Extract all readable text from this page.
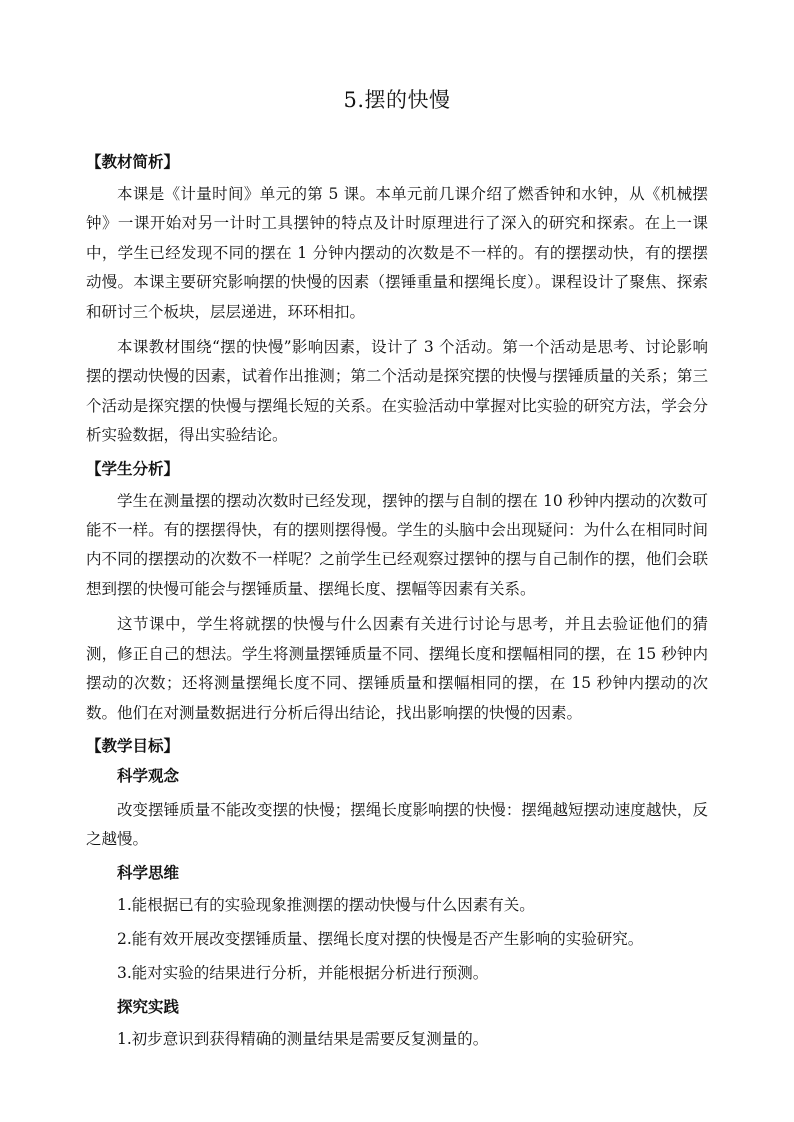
5.摆的快慢
【教材简析】

本课是《计量时间》单元的第 5 课。本单元前几课介绍了燃香钟和水钟，从《机械摆钟》一课开始对另一计时工具摆钟的特点及计时原理进行了深入的研究和探索。在上一课中，学生已经发现不同的摆在 1 分钟内摆动的次数是不一样的。有的摆摆动快，有的摆摆动慢。本课主要研究影响摆的快慢的因素（摆锤重量和摆绳长度）。课程设计了聚焦、探索和研讨三个板块，层层递进，环环相扣。

本课教材围绕“摆的快慢”影响因素，设计了 3 个活动。第一个活动是思考、讨论影响摆的摆动快慢的因素，试着作出推测；第二个活动是探究摆的快慢与摆锤质量的关系；第三个活动是探究摆的快慢与摆绳长短的关系。在实验活动中掌握对比实验的研究方法，学会分析实验数据，得出实验结论。

【学生分析】

学生在测量摆的摆动次数时已经发现，摆钟的摆与自制的摆在 10 秒钟内摆动的次数可能不一样。有的摆摆得快，有的摆则摆得慢。学生的头脑中会出现疑问：为什么在相同时间内不同的摆摆动的次数不一样呢？之前学生已经观察过摆钟的摆与自己制作的摆，他们会联想到摆的快慢可能会与摆锤质量、摆绳长度、摆幅等因素有关系。

这节课中，学生将就摆的快慢与什么因素有关进行讨论与思考，并且去验证他们的猜测，修正自己的想法。学生将测量摆锤质量不同、摆绳长度和摆幅相同的摆，在 15 秒钟内摆动的次数；还将测量摆绳长度不同、摆锤质量和摆幅相同的摆，在 15 秒钟内摆动的次数。他们在对测量数据进行分析后得出结论，找出影响摆的快慢的因素。

【教学目标】
科学观念

改变摆锤质量不能改变摆的快慢；摆绳长度影响摆的快慢：摆绳越短摆动速度越快，反之越慢。

科学思维
1.能根据已有的实验现象推测摆的摆动快慢与什么因素有关。
2.能有效开展改变摆锤质量、摆绳长度对摆的快慢是否产生影响的实验研究。
3.能对实验的结果进行分析，并能根据分析进行预测。
探究实践
1.初步意识到获得精确的测量结果是需要反复测量的。
